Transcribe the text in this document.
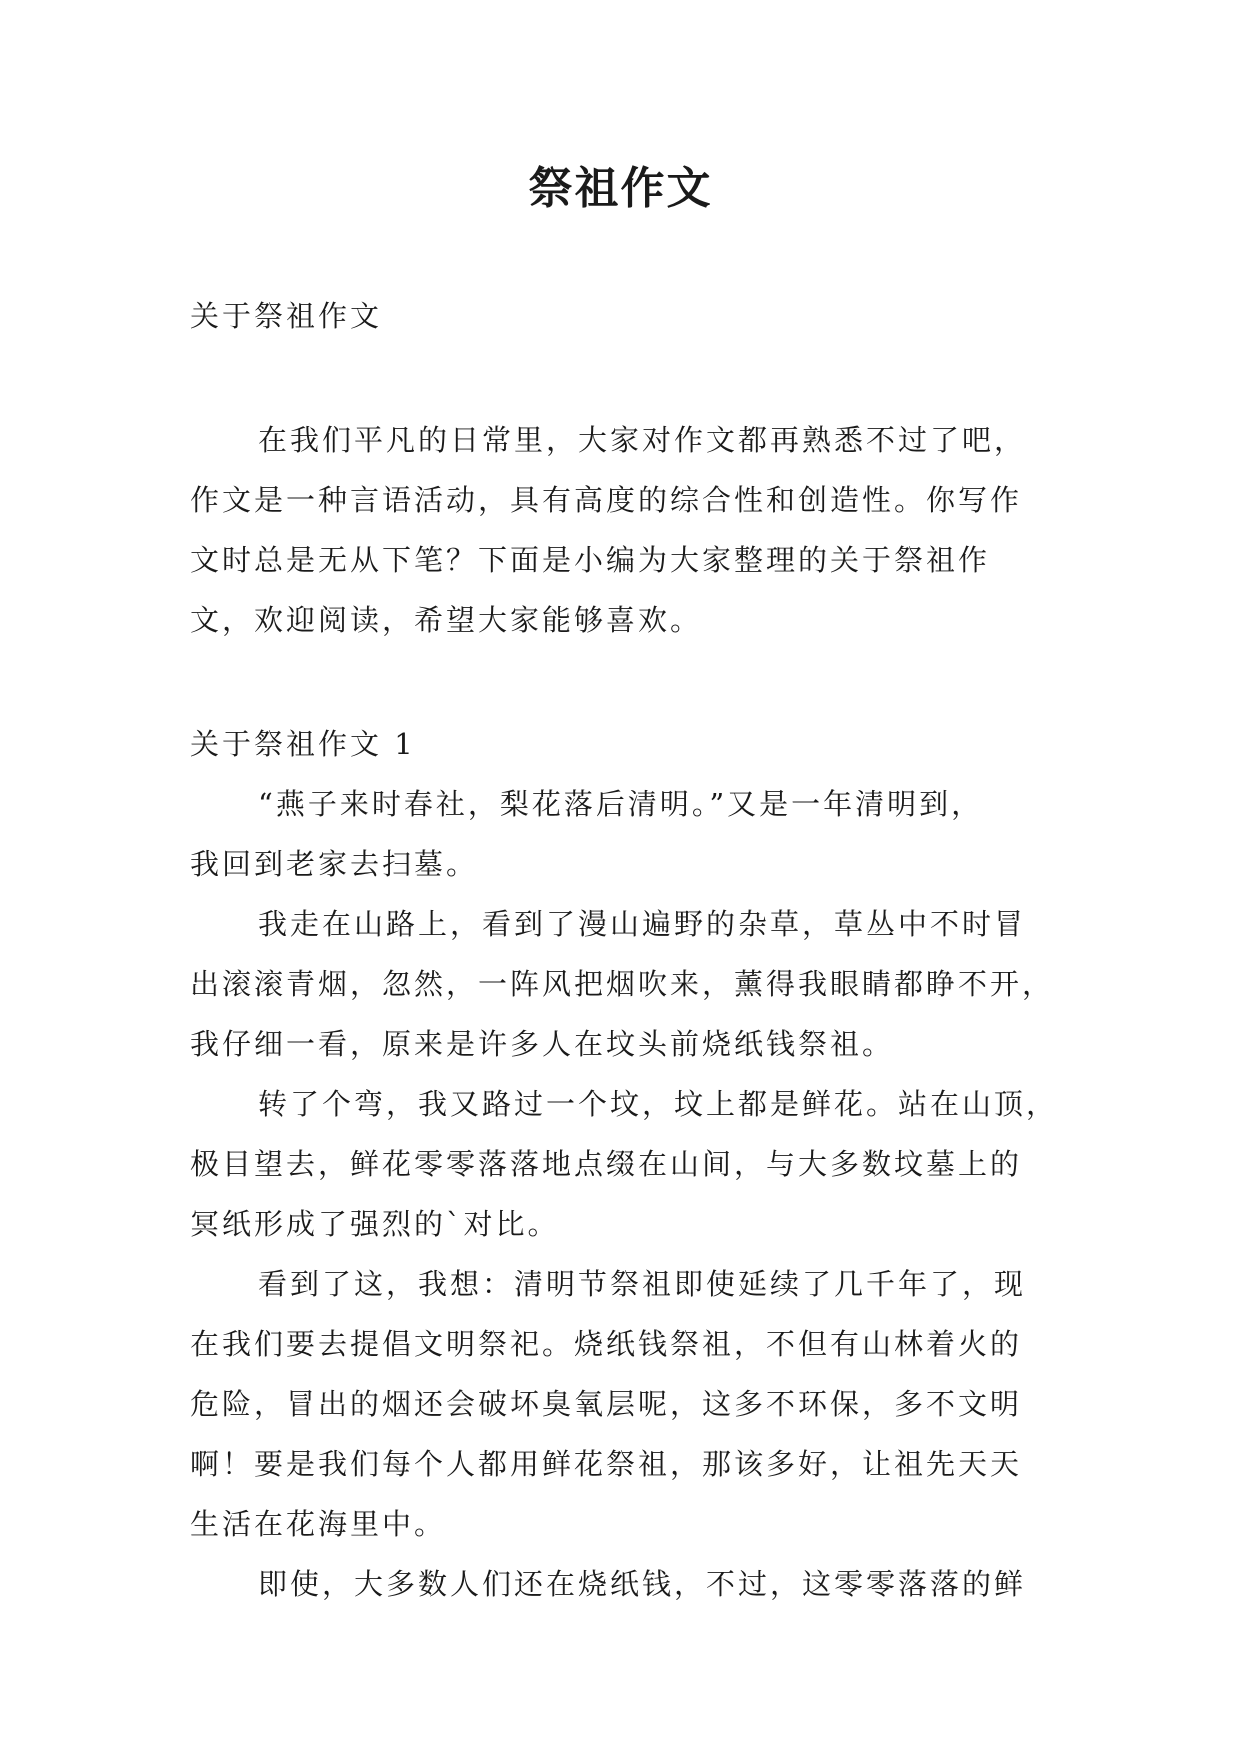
祭祖作文

关于祭祖作文

在我们平凡的日常里，大家对作文都再熟悉不过了吧，
作文是一种言语活动，具有高度的综合性和创造性。你写作
文时总是无从下笔？下面是小编为大家整理的关于祭祖作
文，欢迎阅读，希望大家能够喜欢。

关于祭祖作文 1

“燕子来时春社，梨花落后清明。”又是一年清明到，
我回到老家去扫墓。
我走在山路上，看到了漫山遍野的杂草，草丛中不时冒
出滚滚青烟，忽然，一阵风把烟吹来，薰得我眼睛都睁不开，
我仔细一看，原来是许多人在坟头前烧纸钱祭祖。
转了个弯，我又路过一个坟，坟上都是鲜花。站在山顶，
极目望去，鲜花零零落落地点缀在山间，与大多数坟墓上的
冥纸形成了强烈的`对比。
看到了这，我想：清明节祭祖即使延续了几千年了，现
在我们要去提倡文明祭祀。烧纸钱祭祖，不但有山林着火的
危险，冒出的烟还会破坏臭氧层呢，这多不环保，多不文明
啊！要是我们每个人都用鲜花祭祖，那该多好，让祖先天天
生活在花海里中。
即使，大多数人们还在烧纸钱，不过，这零零落落的鲜
